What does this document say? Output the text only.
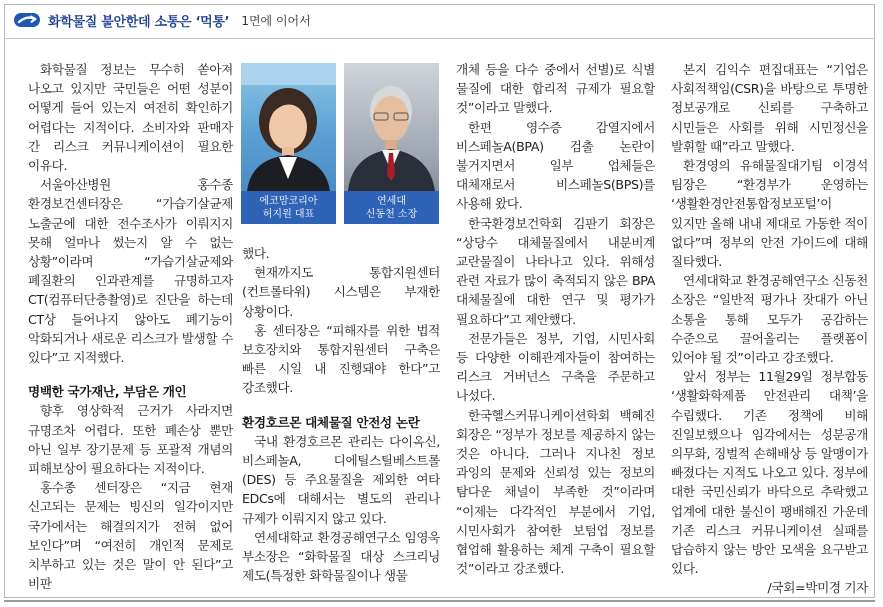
화학물질 불안한데 소통은 ‘먹통’ 1면에 이어서

화학물질 정보는 무수히 쏟아져 나오고 있지만 국민들은 어떤 성분이 어떻게 들어 있는지 여전히 확인하기 어렵다는 지적이다. 소비자와 판매자 간 리스크 커뮤니케이션이 필요한 이유다.

서울아산병원 홍수종 환경보건센터장은 “가습기살균제 노출군에 대한 전수조사가 이뤄지지 못해 얼마나 썼는지 알 수 없는 상황”이라며 “가습기살균제와 폐질환의 인과관계를 규명하고자 CT(컴퓨터단층촬영)로 진단을 하는데 CT상 들어나지 않아도 폐기능이 악화되거나 새로운 리스크가 발생할 수 있다”고 지적했다.

명백한 국가재난, 부담은 개인

향후 영상학적 근거가 사라지면 규명조차 어렵다. 또한 폐손상 뿐만 아닌 일부 장기문제 등 포괄적 개념의 피해보상이 필요하다는 지적이다.

홍수종 센터장은 “지금 현재 신고되는 문제는 빙신의 일각이지만 국가에서는 해결의지가 전혀 없어 보인다”며 “여전히 개인적 문제로 치부하고 있는 것은 말이 안 된다”고 비판

에코맘코리아
허지원 대표
연세대
신동천 소장

했다.

현재까지도 통합지원센터(컨트롤타워) 시스템은 부재한 상황이다.

홍 센터장은 “피해자를 위한 법적 보호장치와 통합지원센터 구축은 빠른 시일 내 진행돼야 한다”고 강조했다.

환경호르몬 대체물질 안전성 논란

국내 환경호르몬 관리는 다이옥신, 비스페놀A, 디에틸스틸베스트롤(DES) 등 주요물질을 제외한 여타 EDCs에 대해서는 별도의 관리나 규제가 이뤄지지 않고 있다.

연세대학교 환경공해연구소 임영욱 부소장은 “화학물질 대상 스크리닝 제도(특정한 화학물질이나 생물

개체 등을 다수 중에서 선별)로 식별 물질에 대한 합리적 규제가 필요할 것”이라고 말했다.

한편 영수증 감열지에서 비스페놀A(BPA) 검출 논란이 불거지면서 일부 업체들은 대체재로서 비스페놀S(BPS)를 사용해 왔다.

한국환경보건학회 김판기 회장은 “상당수 대체물질에서 내분비계 교란물질이 나타나고 있다. 위해성 관련 자료가 많이 축적되지 않은 BPA 대체물질에 대한 연구 및 평가가 필요하다”고 제안했다.

전문가들은 정부, 기업, 시민사회 등 다양한 이해관계자들이 참여하는 리스크 거버넌스 구축을 주문하고 나섰다.

한국헬스커뮤니케이션학회 백혜진 회장은 “정부가 정보를 제공하지 않는 것은 아니다. 그러나 지나친 정보 과잉의 문제와 신뢰성 있는 정보의 탐다운 채널이 부족한 것”이라며 “이제는 다각적인 부분에서 기업, 시민사회가 참여한 보텀업 정보를 협업해 활용하는 체계 구축이 필요할 것”이라고 강조했다.

본지 김익수 편집대표는 “기업은 사회적책임(CSR)을 바탕으로 투명한 정보공개로 신뢰를 구축하고 시민들은 사회를 위해 시민정신을 발휘할 때”라고 말했다.

환경영의 유해물질대기팀 이경석 팀장은 “환경부가 운영하는 ‘생활환경안전통합정보포털’이 있지만 올해 내내 제대로 가동한 적이 없다”며 정부의 안전 가이드에 대해 질타했다.

연세대학교 환경공해연구소 신동천 소장은 “일반적 평가나 잣대가 아닌 소통을 통해 모두가 공감하는 수준으로 끌어올리는 플랫폼이 있어야 될 것”이라고 강조했다.

앞서 정부는 11월29일 정부합동 ‘생활화학제품 안전관리 대책’을 수립했다. 기존 정책에 비해 진일보했으나 임각에서는 성분공개 의무화, 징벌적 손해배상 등 알맹이가 빠졌다는 지적도 나오고 있다. 정부에 대한 국민신뢰가 바닥으로 추락했고 업계에 대한 불신이 팽배해진 가운데 기존 리스크 커뮤니케이션 실패를 답습하지 않는 방안 모색을 요구받고 있다.

/국회=박미경 기자
